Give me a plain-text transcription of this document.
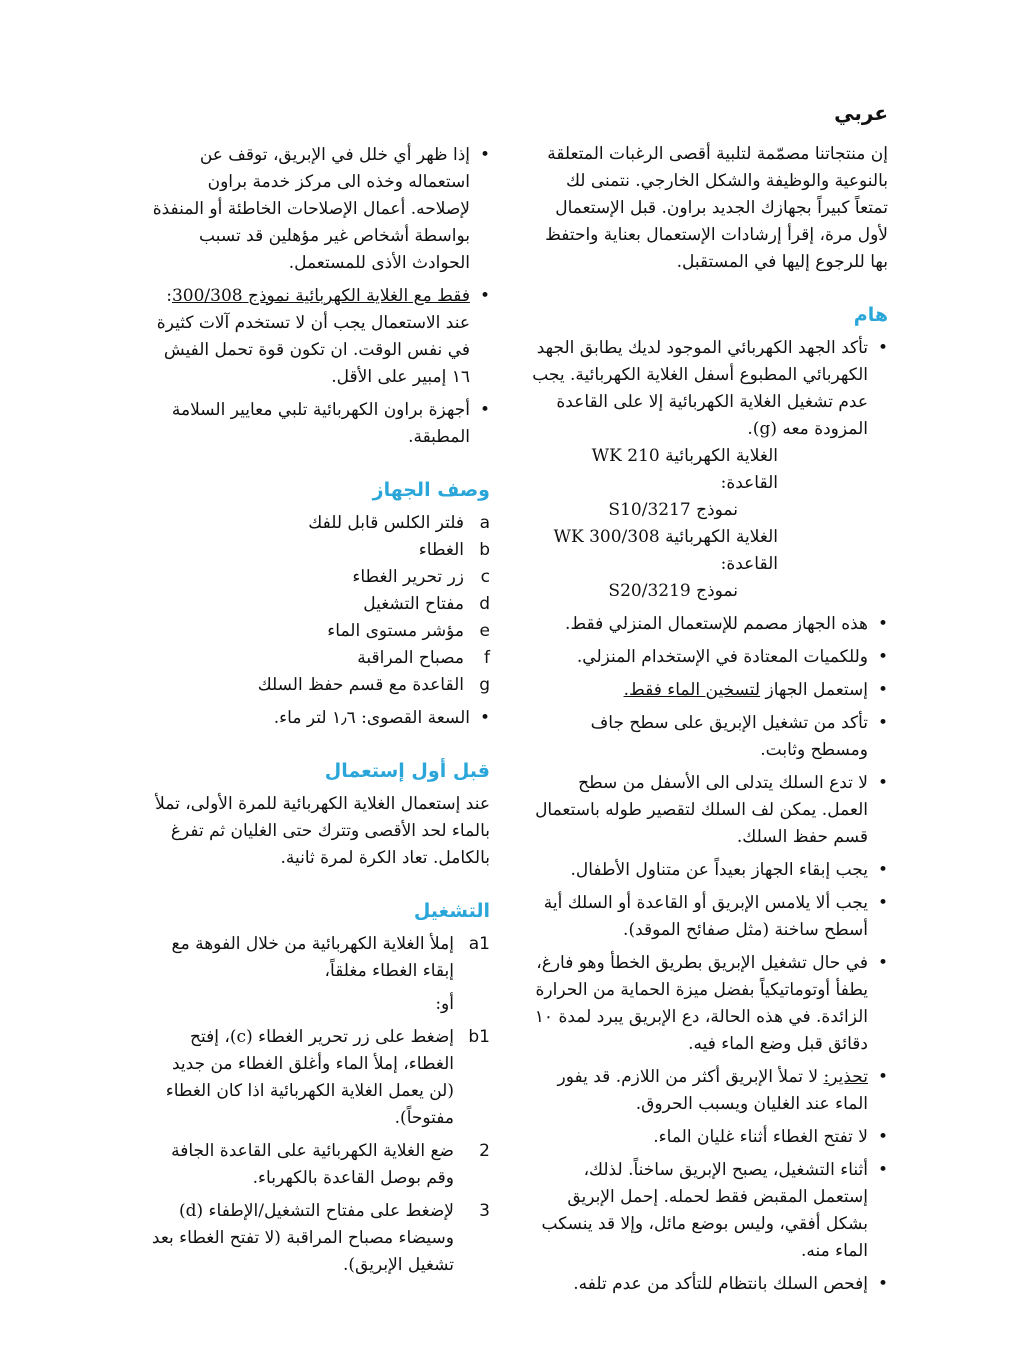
عربي

إن منتجاتنا مصمّمة لتلبية أقصى الرغبات المتعلقة بالنوعية والوظيفة والشكل الخارجي. نتمنى لك تمتعاً كبيراً بجهازك الجديد براون. قبل الإستعمال لأول مرة، إقرأ إرشادات الإستعمال بعناية واحتفظ بها للرجوع إليها في المستقبل.

هام
• تأكد الجهد الكهربائي الموجود لديك يطابق الجهد الكهربائي المطبوع أسفل الغلاية الكهربائية. يجب عدم تشغيل الغلاية الكهربائية إلا على القاعدة المزودة معه (g).
الغلاية الكهربائية WK 210 القاعدة:
نموذج 3217/S10
الغلاية الكهربائية WK 300/308 القاعدة:
نموذج 3219/S20
• هذه الجهاز مصمم للإستعمال المنزلي فقط.
• وللكميات المعتادة في الإستخدام المنزلي.
• إستعمل الجهاز لتسخين الماء فقط.
• تأكد من تشغيل الإبريق على سطح جاف ومسطح وثابت.
• لا تدع السلك يتدلى الى الأسفل من سطح العمل. يمكن لف السلك لتقصير طوله باستعمال قسم حفظ السلك.
• يجب إبقاء الجهاز بعيداً عن متناول الأطفال.
• يجب ألا يلامس الإبريق أو القاعدة أو السلك أية أسطح ساخنة (مثل صفائح الموقد).
• في حال تشغيل الإبريق بطريق الخطأ وهو فارغ، يطفأ أوتوماتيكياً بفضل ميزة الحماية من الحرارة الزائدة. في هذه الحالة، دع الإبريق يبرد لمدة ١٠ دقائق قبل وضع الماء فيه.
• تحذير: لا تملأ الإبريق أكثر من اللازم. قد يفور الماء عند الغليان ويسبب الحروق.
• لا تفتح الغطاء أثناء غليان الماء.
• أثناء التشغيل، يصبح الإبريق ساخناً. لذلك، إستعمل المقبض فقط لحمله. إحمل الإبريق بشكل أفقي، وليس بوضع مائل، وإلا قد ينسكب الماء منه.
• إفحص السلك بانتظام للتأكد من عدم تلفه.
• إذا ظهر أي خلل في الإبريق، توقف عن استعماله وخذه الى مركز خدمة براون لإصلاحه. أعمال الإصلاحات الخاطئة أو المنفذة بواسطة أشخاص غير مؤهلين قد تسبب الحوادث الأذى للمستعمل.
• فقط مع الغلاية الكهربائية نموذج 300/308: عند الاستعمال يجب أن لا تستخدم آلات كثيرة في نفس الوقت. ان تكون قوة تحمل الفيش ١٦ إمبير على الأقل.
• أجهزة براون الكهربائية تلبي معايير السلامة المطبقة.
وصف الجهاز
a
فلتر الكلس قابل للفك
b
الغطاء
c
زر تحرير الغطاء
d
مفتاح التشغيل
e
مؤشر مستوى الماء
f
مصباح المراقبة
g
القاعدة مع قسم حفظ السلك
• السعة القصوى: ١٫٦ لتر ماء.
قبل أول إستعمال

عند إستعمال الغلاية الكهربائية للمرة الأولى، تملأ بالماء لحد الأقصى وتترك حتى الغليان ثم تفرغ بالكامل. تعاد الكرة لمرة ثانية.

التشغيل
a1
إملأ الغلاية الكهربائية من خلال الفوهة مع إبقاء الغطاء مغلقاً،
أو:
b1
إضغط على زر تحرير الغطاء (c)، إفتح الغطاء، إملأ الماء وأغلق الغطاء من جديد (لن يعمل الغلاية الكهربائية اذا كان الغطاء مفتوحاً).
2
ضع الغلاية الكهربائية على القاعدة الجافة وقم بوصل القاعدة بالكهرباء.
3
لإضغط على مفتاح التشغيل/الإطفاء (d) وسيضاء مصباح المراقبة (لا تفتح الغطاء بعد تشغيل الإبريق).
